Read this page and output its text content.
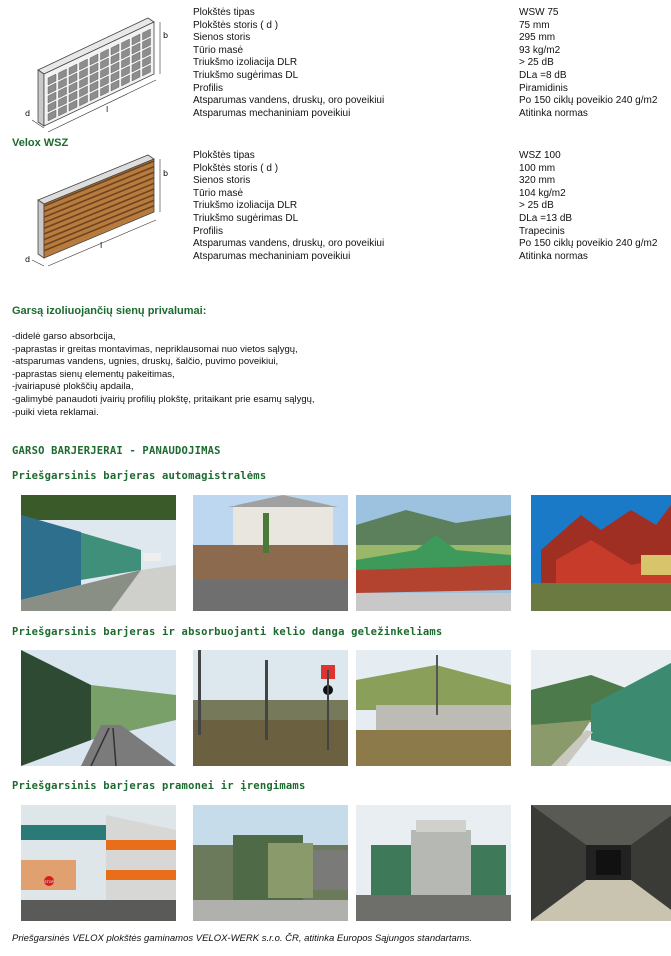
b
l
d
Plokštės tipas	WSW 75
Plokštės storis ( d )	75 mm
Sienos storis	295 mm
Tūrio masė	93 kg/m2
Triukšmo izoliacija DLR	> 25 dB
Triukšmo sugėrimas DL	DLa =8 dB
Profilis	Piramidinis
Atsparumas vandens, druskų, oro poveikiui	Po 150 ciklų poveikio 240 g/m2
Atsparumas mechaniniam poveikiui	Atitinka normas
Velox WSZ
b
l
d
Plokštės tipas	WSZ 100
Plokštės storis ( d )	100 mm
Sienos storis	320 mm
Tūrio masė	104 kg/m2
Triukšmo izoliacija DLR	> 25 dB
Triukšmo sugėrimas DL	DLa =13 dB
Profilis	Trapecinis
Atsparumas vandens, druskų, oro poveikiui	Po 150 ciklų poveikio 240 g/m2
Atsparumas mechaniniam poveikiui	Atitinka normas
Garsą izoliuojančių sienų privalumai:
-didelė garso absorbcija,
-paprastas ir greitas montavimas, nepriklausomai nuo vietos sąlygų,
-atsparumas vandens, ugnies, druskų, šalčio, puvimo poveikiui,
-paprastas sienų elementų pakeitimas,
-įvairiapusė plokščių apdaila,
-galimybė panaudoti įvairių profilių plokštę, pritaikant prie esamų sąlygų,
-puiki vieta reklamai.
GARSO BARJERJERAI - PANAUDOJIMAS
Priešgarsinis barjeras automagistralėms
Priešgarsinis barjeras ir absorbuojanti kelio danga geležinkeliams
Priešgarsinis barjeras pramonei ir įrengimams
STOP
Priešgarsinės VELOX plokštės gaminamos VELOX-WERK s.r.o. ČR, atitinka Europos Sąjungos standartams.
